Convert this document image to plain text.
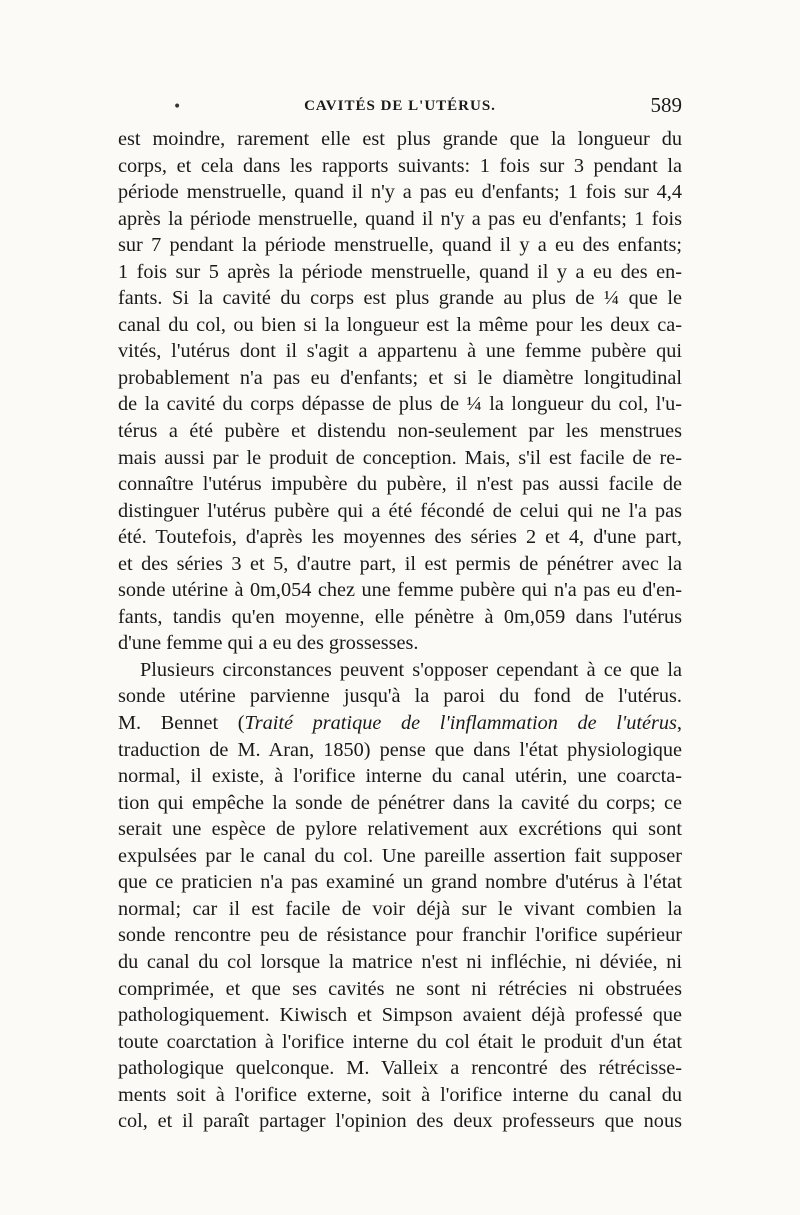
•	CAVITÉS DE L'UTÉRUS.	589
est moindre, rarement elle est plus grande que la longueur du
corps, et cela dans les rapports suivants: 1 fois sur 3 pendant la
période menstruelle, quand il n'y a pas eu d'enfants; 1 fois sur 4,4
après la période menstruelle, quand il n'y a pas eu d'enfants; 1 fois
sur 7 pendant la période menstruelle, quand il y a eu des enfants;
1 fois sur 5 après la période menstruelle, quand il y a eu des en-
fants. Si la cavité du corps est plus grande au plus de ¼ que le
canal du col, ou bien si la longueur est la même pour les deux ca-
vités, l'utérus dont il s'agit a appartenu à une femme pubère qui
probablement n'a pas eu d'enfants; et si le diamètre longitudinal
de la cavité du corps dépasse de plus de ¼ la longueur du col, l'u-
térus a été pubère et distendu non-seulement par les menstrues
mais aussi par le produit de conception. Mais, s'il est facile de re-
connaître l'utérus impubère du pubère, il n'est pas aussi facile de
distinguer l'utérus pubère qui a été fécondé de celui qui ne l'a pas
été. Toutefois, d'après les moyennes des séries 2 et 4, d'une part,
et des séries 3 et 5, d'autre part, il est permis de pénétrer avec la
sonde utérine à 0m,054 chez une femme pubère qui n'a pas eu d'en-
fants, tandis qu'en moyenne, elle pénètre à 0m,059 dans l'utérus
d'une femme qui a eu des grossesses.
Plusieurs circonstances peuvent s'opposer cependant à ce que la
sonde utérine parvienne jusqu'à la paroi du fond de l'utérus.
M. Bennet (Traité pratique de l'inflammation de l'utérus,
traduction de M. Aran, 1850) pense que dans l'état physiologique
normal, il existe, à l'orifice interne du canal utérin, une coarcta-
tion qui empêche la sonde de pénétrer dans la cavité du corps; ce
serait une espèce de pylore relativement aux excrétions qui sont
expulsées par le canal du col. Une pareille assertion fait supposer
que ce praticien n'a pas examiné un grand nombre d'utérus à l'état
normal; car il est facile de voir déjà sur le vivant combien la
sonde rencontre peu de résistance pour franchir l'orifice supérieur
du canal du col lorsque la matrice n'est ni infléchie, ni déviée, ni
comprimée, et que ses cavités ne sont ni rétrécies ni obstruées
pathologiquement. Kiwisch et Simpson avaient déjà professé que
toute coarctation à l'orifice interne du col était le produit d'un état
pathologique quelconque. M. Valleix a rencontré des rétrécisse-
ments soit à l'orifice externe, soit à l'orifice interne du canal du
col, et il paraît partager l'opinion des deux professeurs que nous
